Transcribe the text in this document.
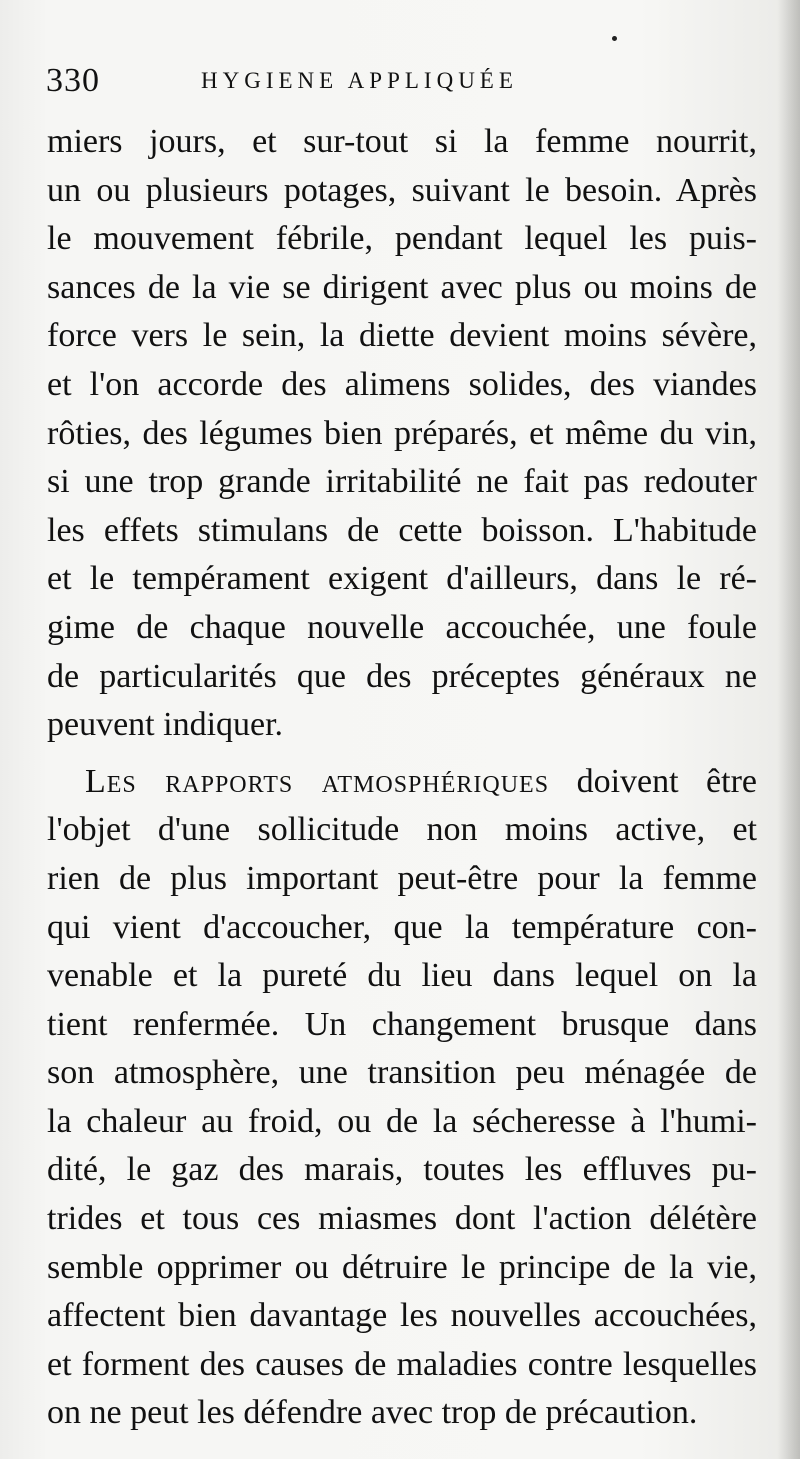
330	HYGIENE APPLIQUÉE
miers jours, et sur-tout si la femme nourrit,
un ou plusieurs potages, suivant le besoin. Après
le mouvement fébrile, pendant lequel les puis-
sances de la vie se dirigent avec plus ou moins de
force vers le sein, la diette devient moins sévère,
et l'on accorde des alimens solides, des viandes
rôties, des légumes bien préparés, et même du vin,
si une trop grande irritabilité ne fait pas redouter
les effets stimulans de cette boisson. L'habitude
et le tempérament exigent d'ailleurs, dans le ré-
gime de chaque nouvelle accouchée, une foule
de particularités que des préceptes généraux ne
peuvent indiquer.
Les rapports atmosphériques doivent être
l'objet d'une sollicitude non moins active, et
rien de plus important peut-être pour la femme
qui vient d'accoucher, que la température con-
venable et la pureté du lieu dans lequel on la
tient renfermée. Un changement brusque dans
son atmosphère, une transition peu ménagée de
la chaleur au froid, ou de la sécheresse à l'humi-
dité, le gaz des marais, toutes les effluves pu-
trides et tous ces miasmes dont l'action délétère
semble opprimer ou détruire le principe de la vie,
affectent bien davantage les nouvelles accouchées,
et forment des causes de maladies contre lesquelles
on ne peut les défendre avec trop de précaution.
